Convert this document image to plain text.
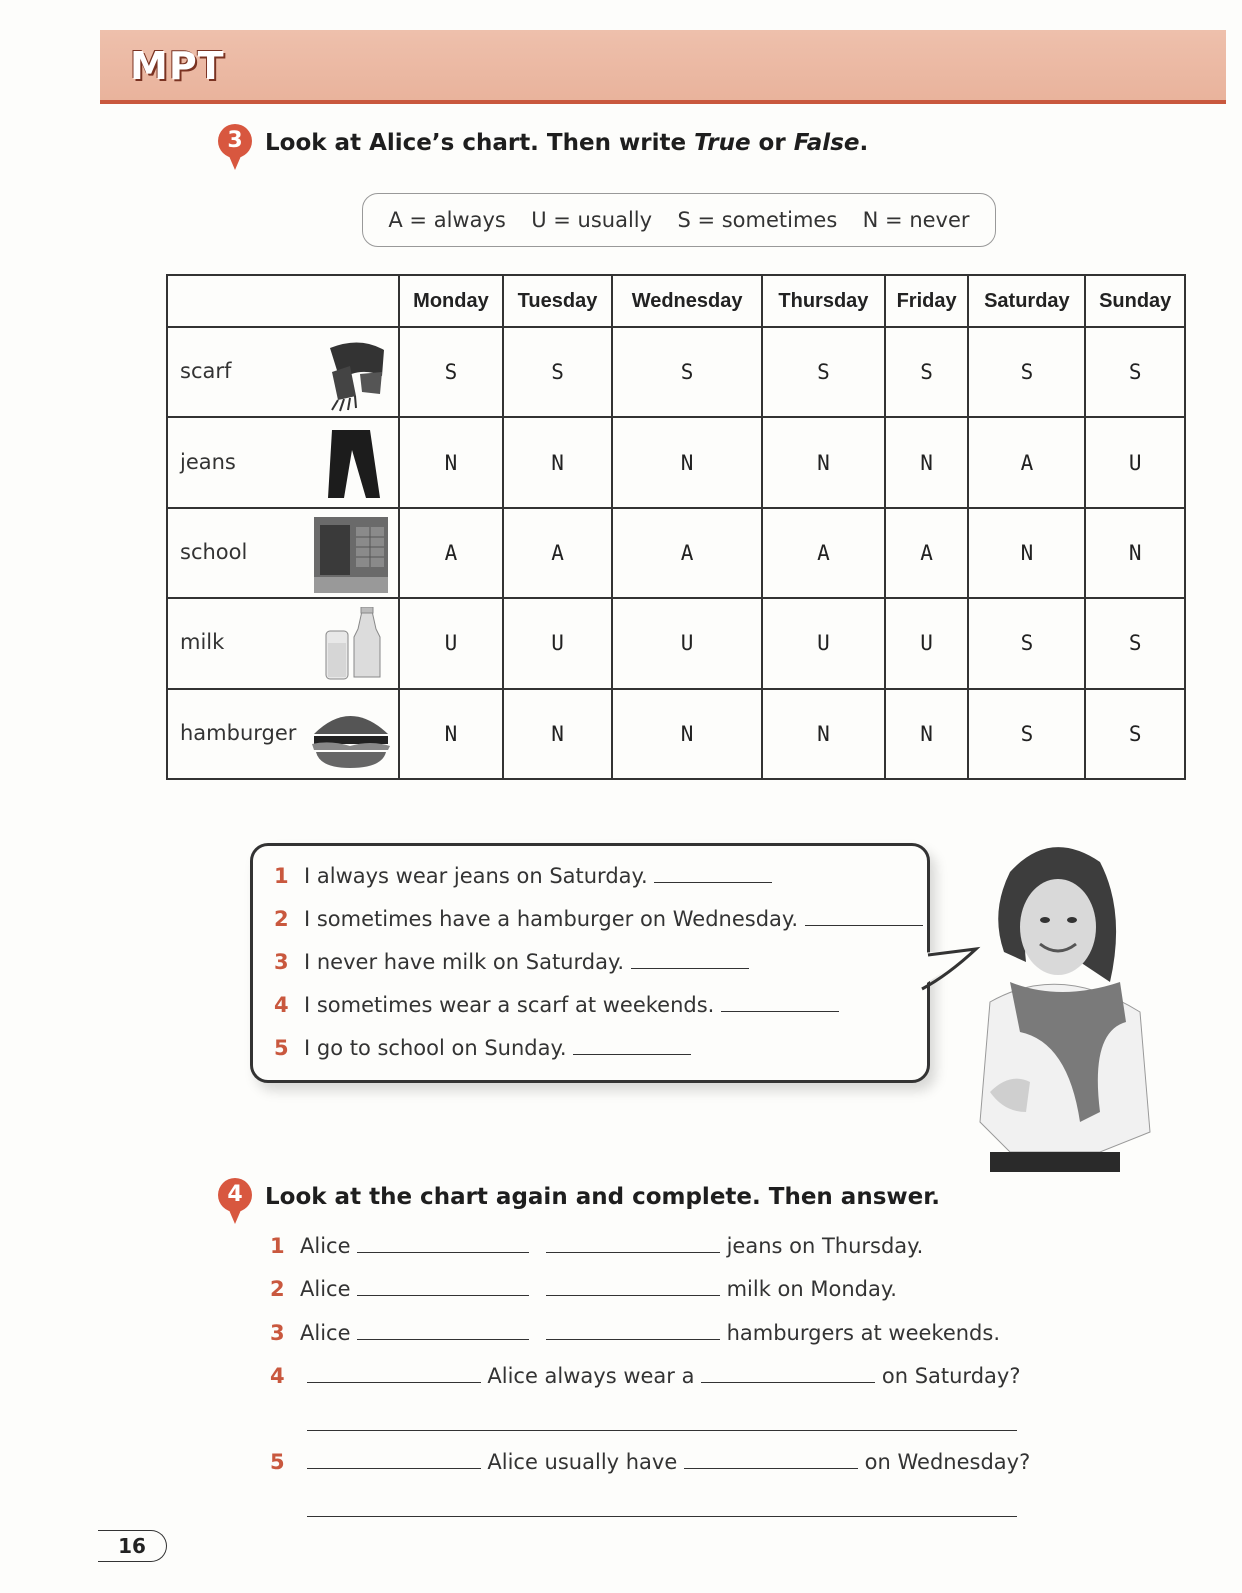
MPT
3 Look at Alice’s chart. Then write True or False.
A = always U = usually S = sometimes N = never
	Monday	Tuesday	Wednesday	Thursday	Friday	Saturday	Sunday

scarf	S	S	S	S	S	S	S

jeans	N	N	N	N	N	A	U

school	A	A	A	A	A	N	N

milk	U	U	U	U	U	S	S

hamburger	N	N	N	N	N	S	S
1 I always wear jeans on Saturday.
2 I sometimes have a hamburger on Wednesday.
3 I never have milk on Saturday.
4 I sometimes wear a scarf at weekends.
5 I go to school on Sunday.
4 Look at the chart again and complete. Then answer.
1 Alice	jeans on Thursday.
2 Alice	milk on Monday.
3 Alice	hamburgers at weekends.
4	Alice always wear a	on Saturday?
5	Alice usually have	on Wednesday?
16
